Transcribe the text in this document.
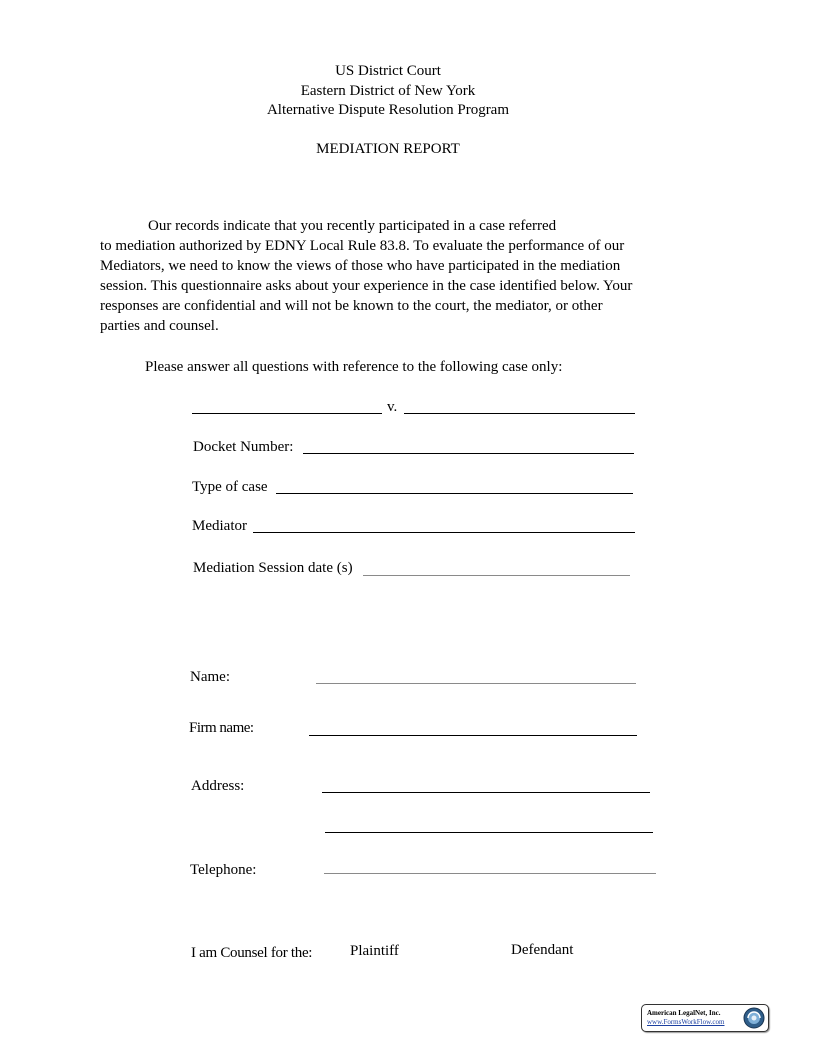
US District Court
Eastern District of New York
Alternative Dispute Resolution Program
MEDIATION REPORT
Our records indicate that you recently participated in a case referred
to mediation authorized by EDNY Local Rule 83.8. To evaluate the performance of our
Mediators, we need to know the views of those who have participated in the mediation
session. This questionnaire asks about your experience in the case identified below. Your
responses are confidential and will not be known to the court, the mediator, or other
parties and counsel.
Please answer all questions with reference to the following case only:
v.
Docket Number:
Type of case
Mediator
Mediation Session date (s)
Name:
Firm name:
Address:
Telephone:
I am Counsel for the:	Plaintiff	Defendant
American LegalNet, Inc.
www.FormsWorkFlow.com
